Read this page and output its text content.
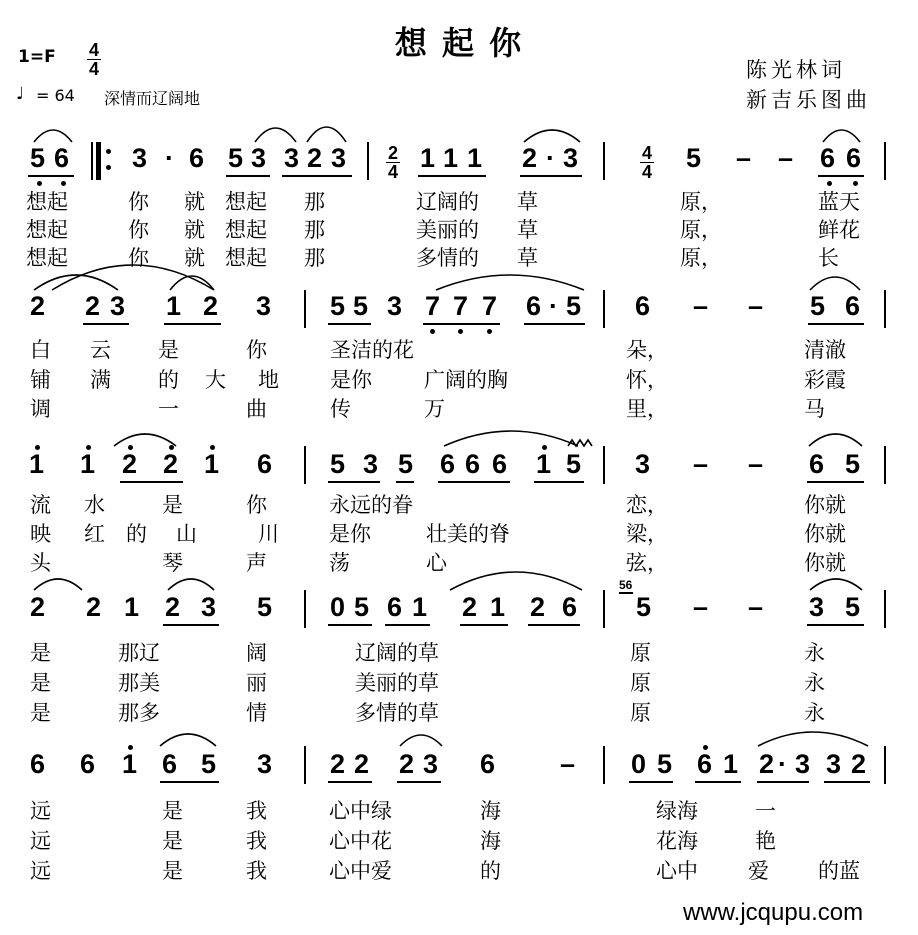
想 起 你
1=F 4
4
♩ = 64 深情而辽阔地
陈光林词
新吉乐图曲
2
4
4
4
5 6 3 · 6 5 3 3 2 3	1 1 1 2 · 3	5 – – 6 6
想起	你 就 想起 那	辽阔的 草	原，	蓝天
想起	你 就 想起 那	美丽的 草	原，	鲜花
想起	你 就 想起 那	多情的 草	原，	长
2 2 3 1 2 3 5 5 3 7 7 7 6 · 5 6 – – 5 6
白 云 是	你	圣洁的花	朵，	清澈
铺 满 的 大 地 是你 广阔的胸	怀，	彩霞
调	一	曲	传	万	里，	马
1 1 2 2 1 6 5 3 5 6 6 6 1 5 3 – – 6 5
流 水	是	你	永远的眷	恋，	你就
映 红 的 山	川 是你	壮美的脊	梁，	你就
头	琴	声	荡	心	弦，	你就
2 2 1 2 3 5 0 5 6 1 2 1 2 6 5 – – 3 5
56
是	那辽	阔	辽阔的草	原	永
是	那美	丽	美丽的草	原	永
是	那多	情	多情的草	原	永
6 6 1 6 5 3 2 2 2 3 6 – 0 5 6 1 2 · 3 3 2
远	是	我	心中绿	海	绿海	一
远	是	我	心中花	海	花海	艳
远	是	我	心中爱	的	心中 爱 的蓝
www.jcqupu.com
